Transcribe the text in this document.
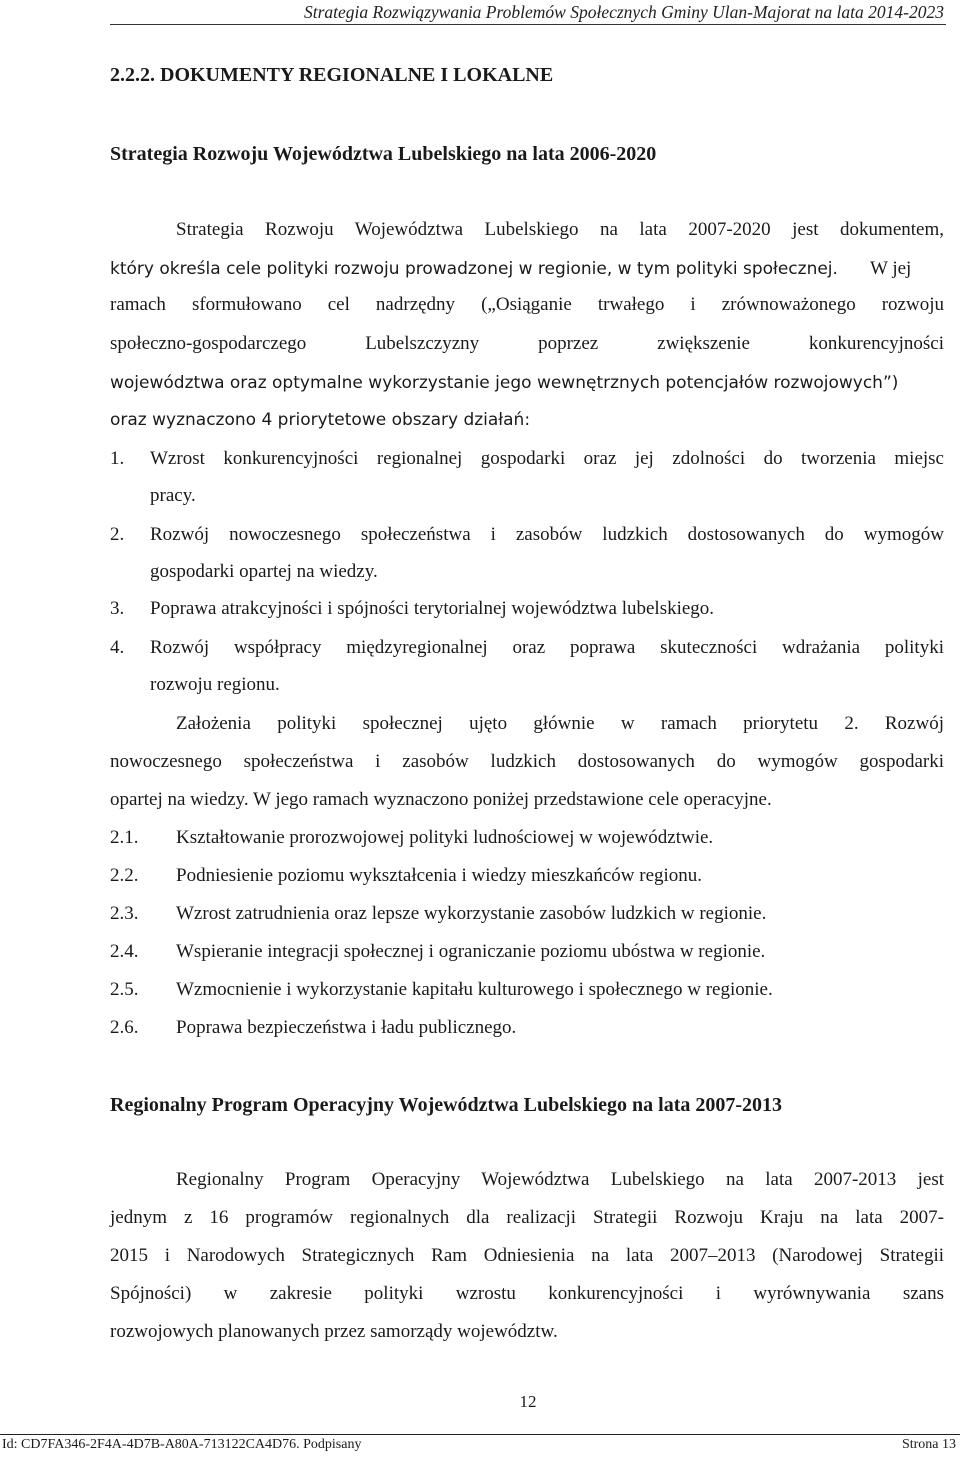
Strategia Rozwiązywania Problemów Społecznych Gminy Ulan-Majorat na lata 2014-2023
2.2.2. DOKUMENTY REGIONALNE I LOKALNE
Strategia Rozwoju Województwa Lubelskiego na lata 2006-2020
Strategia Rozwoju Województwa Lubelskiego na lata 2007-2020 jest dokumentem,
który określa cele polityki rozwoju prowadzonej w regionie, w tym polityki społecznej. W jej
ramach sformułowano cel nadrzędny („Osiąganie trwałego i zrównoważonego rozwoju
społeczno-gospodarczego Lubelszczyzny poprzez zwiększenie konkurencyjności
województwa oraz optymalne wykorzystanie jego wewnętrznych potencjałów rozwojowych”)
oraz wyznaczono 4 priorytetowe obszary działań:
1. Wzrost konkurencyjności regionalnej gospodarki oraz jej zdolności do tworzenia miejsc
pracy.
2. Rozwój nowoczesnego społeczeństwa i zasobów ludzkich dostosowanych do wymogów
gospodarki opartej na wiedzy.
3. Poprawa atrakcyjności i spójności terytorialnej województwa lubelskiego.
4. Rozwój współpracy międzyregionalnej oraz poprawa skuteczności wdrażania polityki
rozwoju regionu.
Założenia polityki społecznej ujęto głównie w ramach priorytetu 2. Rozwój
nowoczesnego społeczeństwa i zasobów ludzkich dostosowanych do wymogów gospodarki
opartej na wiedzy. W jego ramach wyznaczono poniżej przedstawione cele operacyjne.
2.1. Kształtowanie prorozwojowej polityki ludnościowej w województwie.
2.2. Podniesienie poziomu wykształcenia i wiedzy mieszkańców regionu.
2.3. Wzrost zatrudnienia oraz lepsze wykorzystanie zasobów ludzkich w regionie.
2.4. Wspieranie integracji społecznej i ograniczanie poziomu ubóstwa w regionie.
2.5. Wzmocnienie i wykorzystanie kapitału kulturowego i społecznego w regionie.
2.6. Poprawa bezpieczeństwa i ładu publicznego.
Regionalny Program Operacyjny Województwa Lubelskiego na lata 2007-2013
Regionalny Program Operacyjny Województwa Lubelskiego na lata 2007-2013 jest
jednym z 16 programów regionalnych dla realizacji Strategii Rozwoju Kraju na lata 2007-
2015 i Narodowych Strategicznych Ram Odniesienia na lata 2007–2013 (Narodowej Strategii
Spójności) w zakresie polityki wzrostu konkurencyjności i wyrównywania szans
rozwojowych planowanych przez samorządy województw.
12
Id: CD7FA346-2F4A-4D7B-A80A-713122CA4D76. Podpisany	Strona 13
